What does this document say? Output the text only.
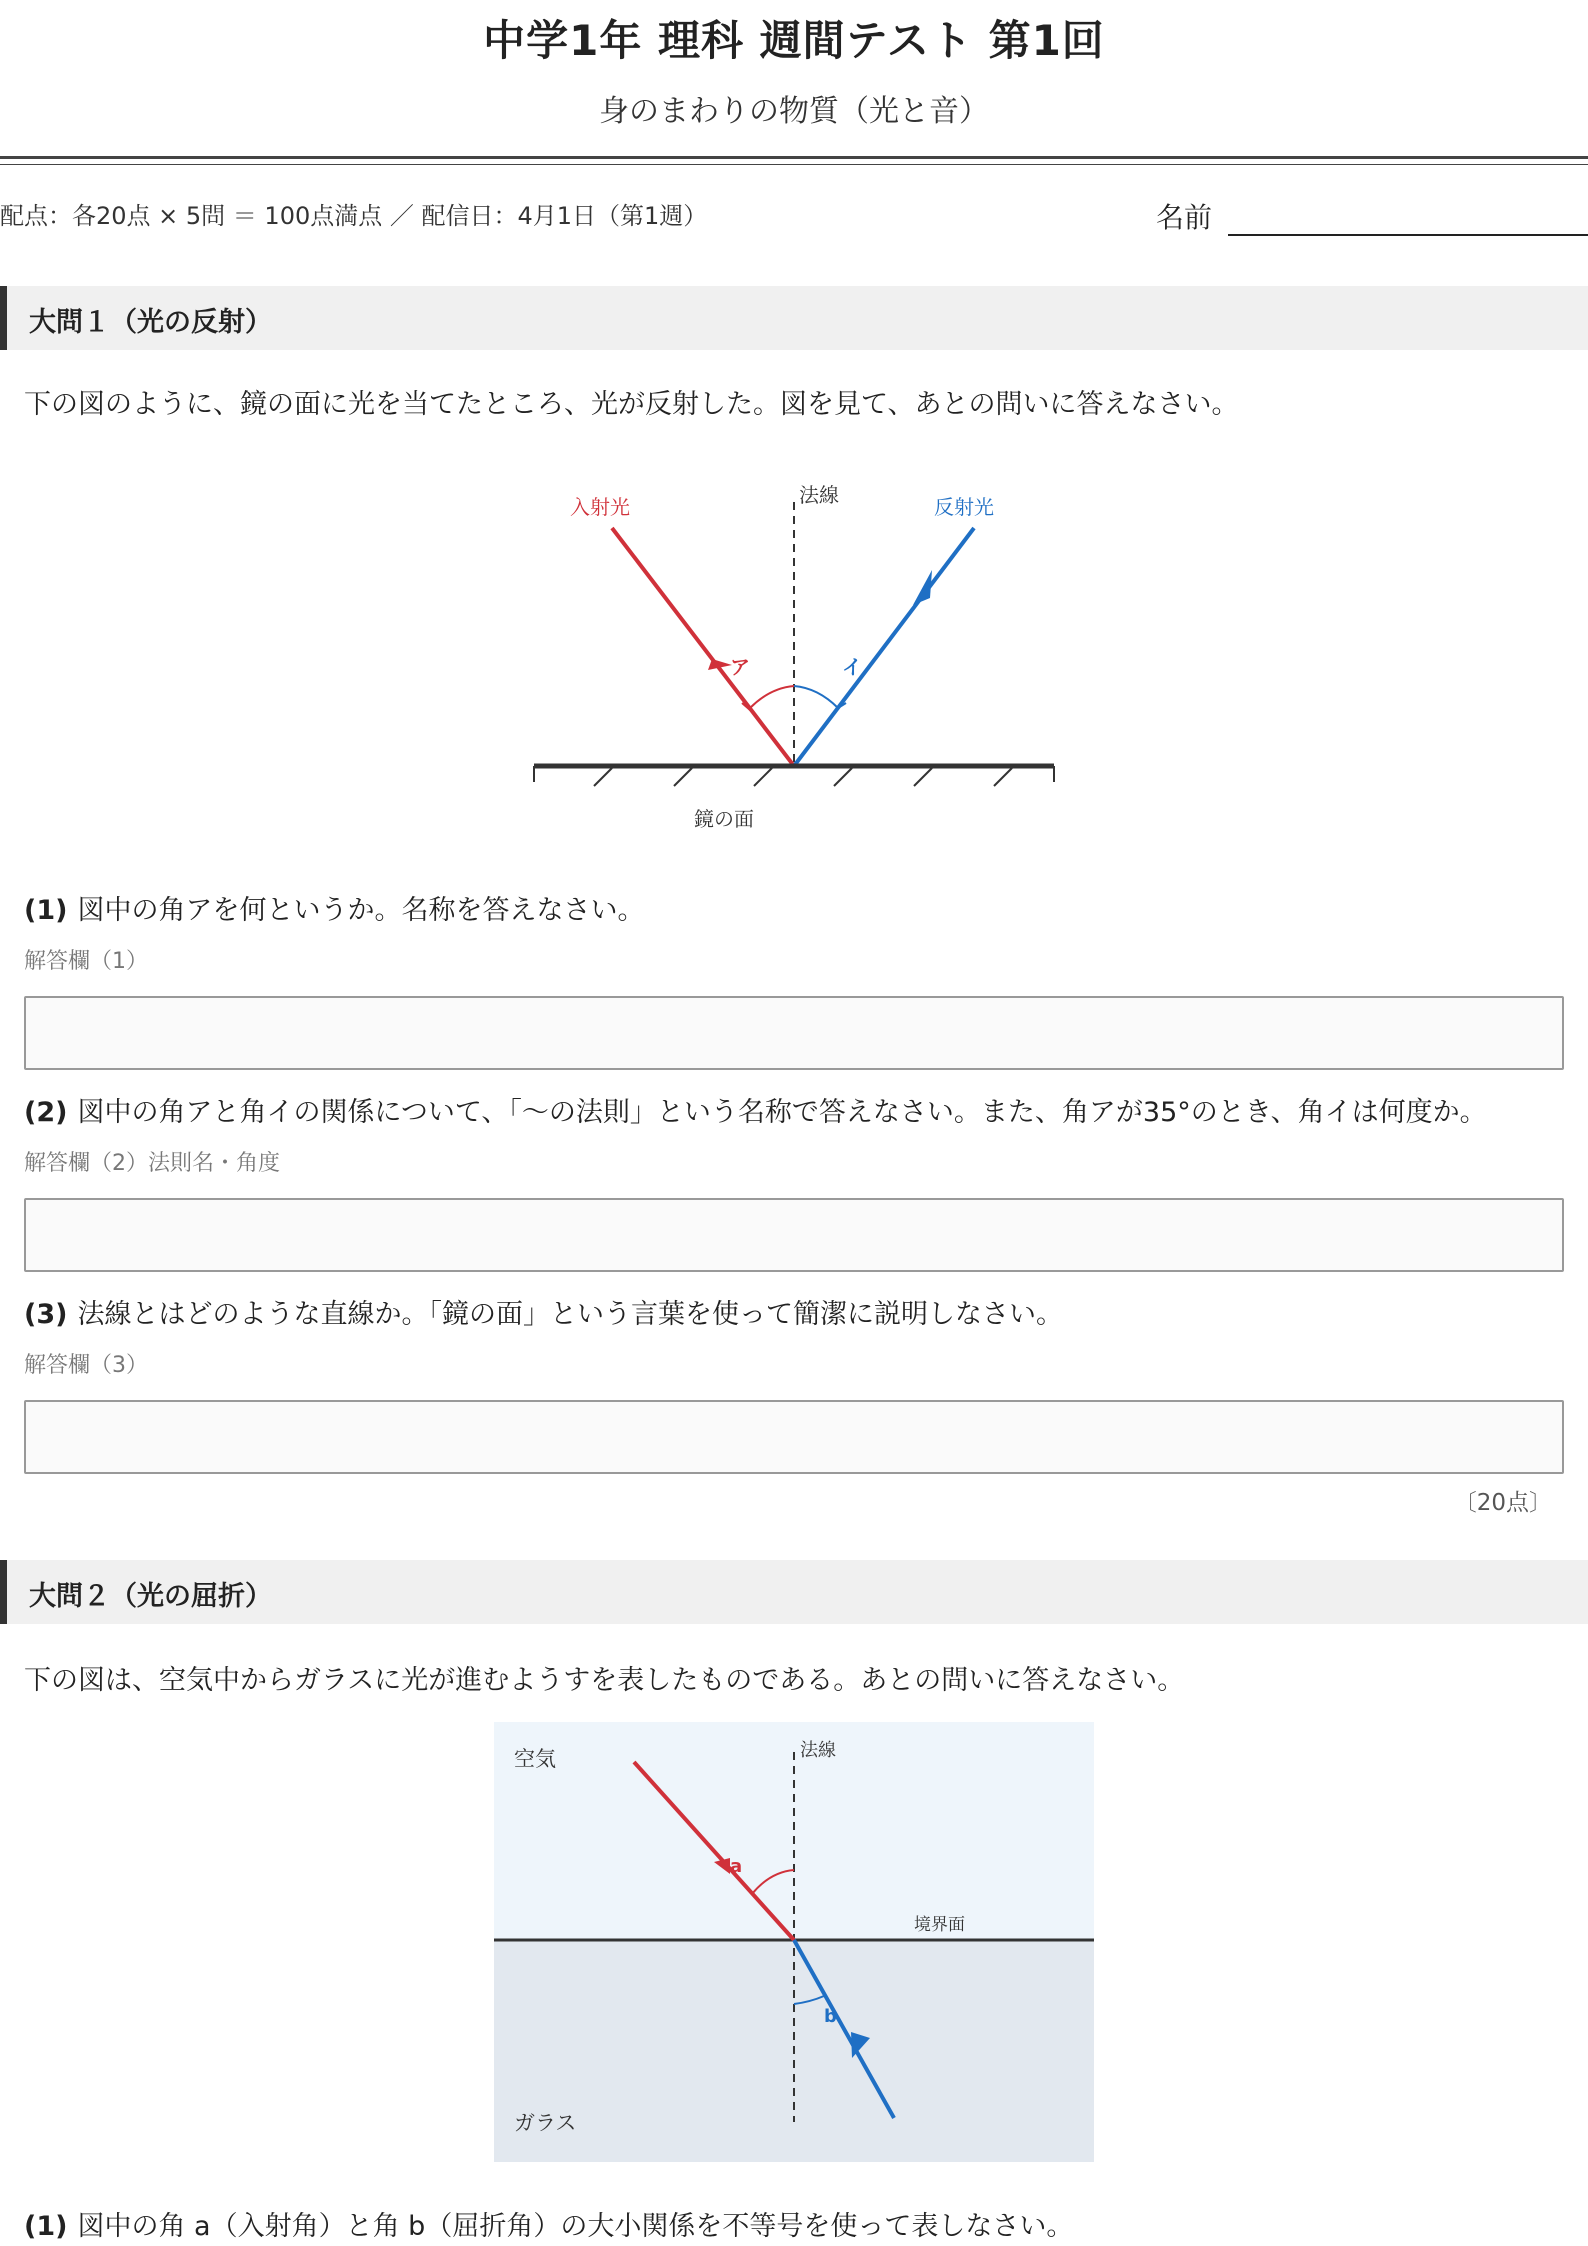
中学1年 理科 週間テスト 第1回
身のまわりの物質（光と音）
配点：各20点 × 5問 ＝ 100点満点 ／ 配信日：4月1日（第1週）	名前
大問１（光の反射）
下の図のように、鏡の面に光を当てたところ、光が反射した。図を見て、あとの問いに答えなさい。
法線
入射光	反射光
ア	イ
鏡の面
(1) 図中の角アを何というか。名称を答えなさい。
解答欄（1）
(2) 図中の角アと角イの関係について、「〜の法則」という名称で答えなさい。また、角アが35°のとき、角イは何度か。
解答欄（2）法則名・角度
(3) 法線とはどのような直線か。「鏡の面」という言葉を使って簡潔に説明しなさい。
解答欄（3）
〔20点〕
大問２（光の屈折）
下の図は、空気中からガラスに光が進むようすを表したものである。あとの問いに答えなさい。
境界面
空気
ガラス
法線
a
b
(1) 図中の角 a（入射角）と角 b（屈折角）の大小関係を不等号を使って表しなさい。
